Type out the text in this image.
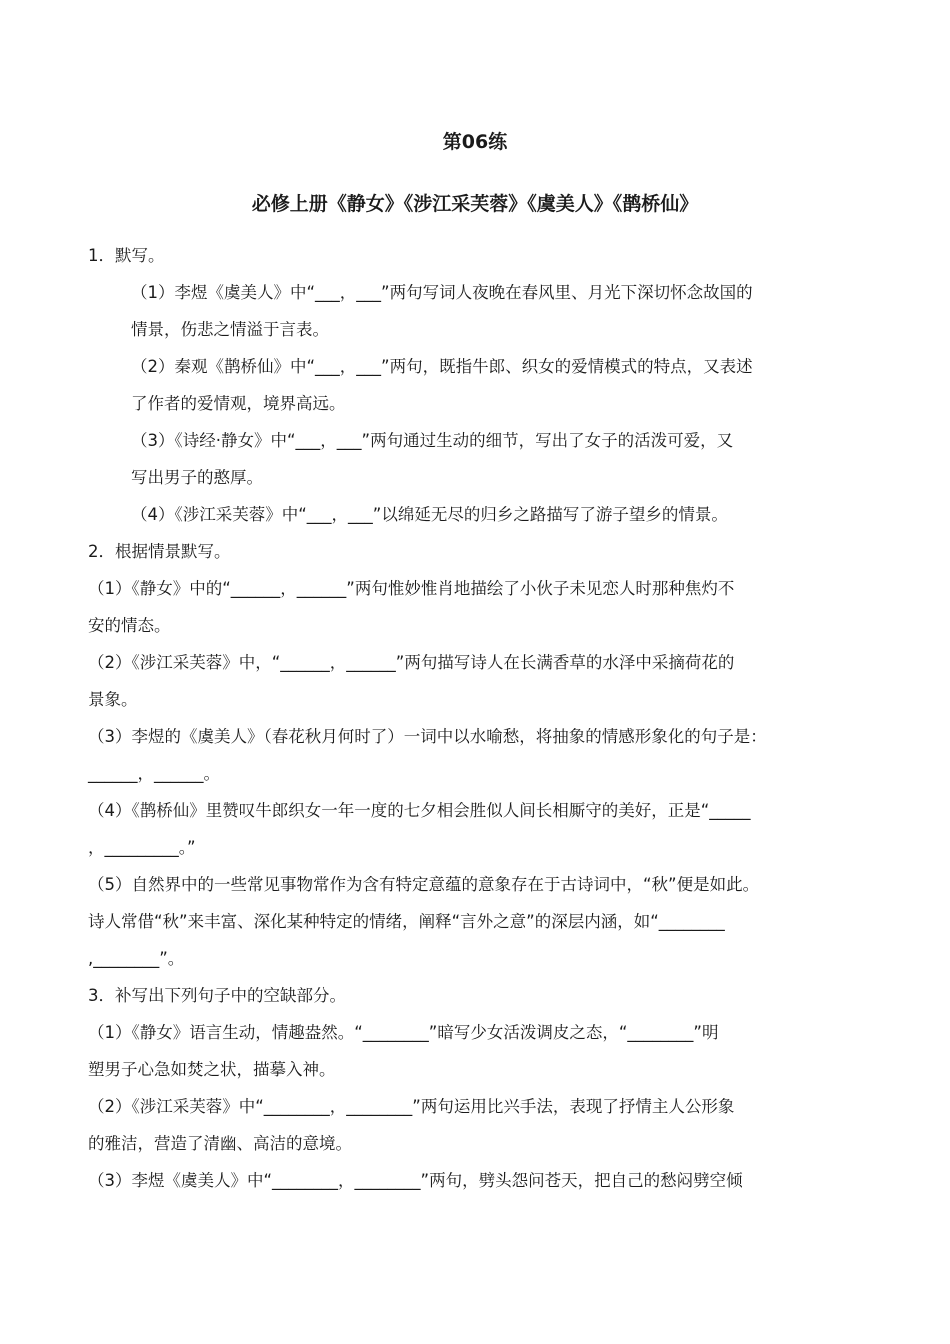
第06练
必修上册《静女》《涉江采芙蓉》《虞美人》《鹊桥仙》
1．默写。
（1）李煜《虞美人》中“___，___”两句写词人夜晚在春风里、月光下深切怀念故国的
情景，伤悲之情溢于言表。
（2）秦观《鹊桥仙》中“___，___”两句，既指牛郎、织女的爱情模式的特点，又表述
了作者的爱情观，境界高远。
（3）《诗经·静女》中“___，___”两句通过生动的细节，写出了女子的活泼可爱，又
写出男子的憨厚。
（4）《涉江采芙蓉》中“___，___”以绵延无尽的归乡之路描写了游子望乡的情景。
2．根据情景默写。
（1）《静女》中的“______，______”两句惟妙惟肖地描绘了小伙子未见恋人时那种焦灼不
安的情态。
（2）《涉江采芙蓉》中，“______，______”两句描写诗人在长满香草的水泽中采摘荷花的
景象。
（3）李煜的《虞美人》（春花秋月何时了）一词中以水喻愁，将抽象的情感形象化的句子是：
______，______。
（4）《鹊桥仙》里赞叹牛郎织女一年一度的七夕相会胜似人间长相厮守的美好，正是“_____
，_________。”
（5）自然界中的一些常见事物常作为含有特定意蕴的意象存在于古诗词中，“秋”便是如此。
诗人常借“秋”来丰富、深化某种特定的情绪，阐释“言外之意”的深层内涵，如“________
,________”。
3．补写出下列句子中的空缺部分。
（1）《静女》语言生动，情趣盎然。“________”暗写少女活泼调皮之态，“________”明
塑男子心急如焚之状，描摹入神。
（2）《涉江采芙蓉》中“________，________”两句运用比兴手法，表现了抒情主人公形象
的雅洁，营造了清幽、高洁的意境。
（3）李煜《虞美人》中“________，________”两句，劈头怨问苍天，把自己的愁闷劈空倾
